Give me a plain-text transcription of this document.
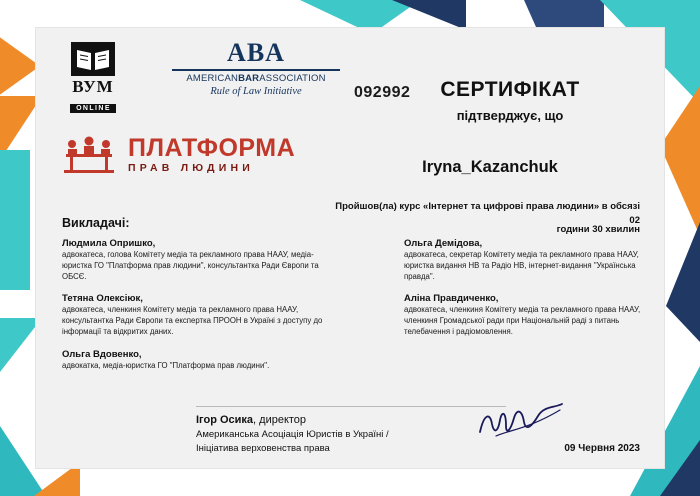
ВУМ
ONLINE
ABA
AMERICANBARASSOCIATION
Rule of Law Initiative	092992	СЕРТИФІКАТ
підтверджує, що
ПЛАТФОРМА
ПРАВ ЛЮДИНИ	Iryna_Kazanchuk
Пройшов(ла) курс «Інтернет та цифрові права людини» в обсязі 02
години 30 хвилин
Викладачі:
Людмила Опришко,
адвокатеса, голова Комітету медіа та рекламного права НААУ, медіа-юристка ГО "Платформа прав людини", консультантка Ради Європи та ОБСЄ.
Тетяна Олексіюк,
адвокатеса, членкиня Комітету медіа та рекламного права НААУ, консультантка Ради Європи та експертка ПРООН в Україні з доступу до інформації та відкритих даних.
Ольга Вдовенко,
адвокатка, медіа-юристка ГО "Платформа прав людини".
Ольга Демідова,
адвокатеса, секретар Комітету медіа та рекламного права НААУ, юристка видання НВ та Радіо НВ, інтернет-видання "Українська правда".
Аліна Правдиченко,
адвокатеса, членкиня Комітету медіа та рекламного права НААУ, членкиня Громадської ради при Національній раді з питань телебачення і радіомовлення.
Ігор Осика, директор
Американська Асоціація Юристів в Україні /
Ініціатива верховенства права	09 Червня 2023
